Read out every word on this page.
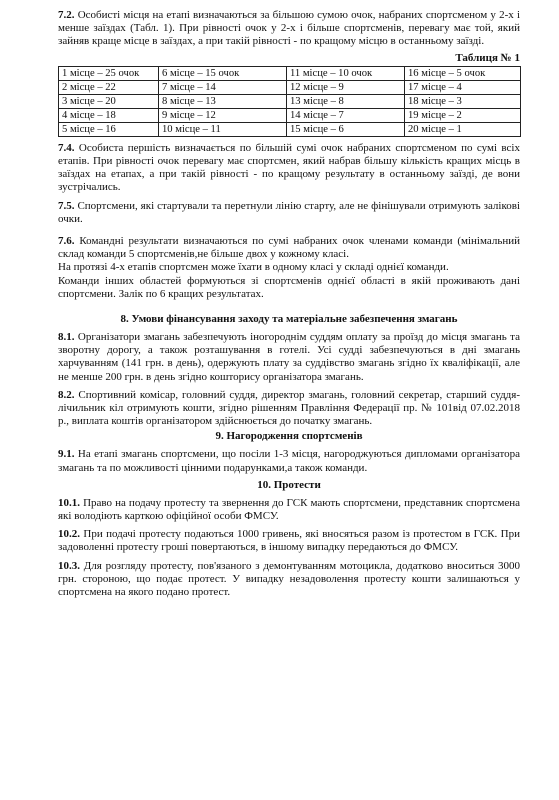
7.2. Особисті місця на етапі визначаються за більшою сумою очок, набраних спортсменом у 2-х і менше заїздах (Табл. 1). При рівності очок у 2-х і більше спортсменів, перевагу має той, який зайняв краще місце в заїздах, а при такій рівності - по кращому місцю в останньому заїзді.

Таблиця № 1
1 місце – 25 очок	6 місце – 15 очок	11 місце – 10 очок	16 місце – 5 очок
2 місце – 22	7 місце – 14	12 місце – 9	17 місце – 4
3 місце – 20	8 місце – 13	13 місце – 8	18 місце – 3
4 місце – 18	9 місце – 12	14 місце – 7	19 місце – 2
5 місце – 16	10 місце – 11	15 місце – 6	20 місце – 1

7.4. Особиста першість визначається по більшій сумі очок набраних спортсменом по сумі всіх етапів. При рівності очок перевагу має спортсмен, який набрав більшу кількість кращих місць в заїздах на етапах, а при такій рівності - по кращому результату в останньому заїзді, де вони зустрічались.

7.5. Спортсмени, які стартували та перетнули лінію старту, але не фінішували отримують залікові очки.

7.6. Командні результати визначаються по сумі набраних очок членами команди (мінімальний склад команди 5 спортсменів,не більше двох у кожному класі.

На протязі 4-х етапів спортсмен може їхати в одному класі у складі однієї команди.

Команди інших областей формуються зі спортсменів однієї області в якій проживають дані спортсмени. Залік по 6 кращих результатах.

8. Умови фінансування заходу та матеріальне забезпечення змагань

8.1. Організатори змагань забезпечують іногороднім суддям оплату за проїзд до місця змагань та зворотну дорогу, а також розташування в готелі. Усі судді забезпечуються в дні змагань харчуванням (141 грн. в день), одержують плату за суддівство змагань згідно їх кваліфікації, але не менше 200 грн. в день згідно кошторису організатора змагань.

8.2. Спортивний комісар, головний суддя, директор змагань, головний секретар, старший суддя-лічильник кіл отримують кошти, згідно рішенням Правління Федерації пр. № 101від 07.02.2018 р., виплата коштів організатором здійснюється до початку змагань.

9. Нагородження спортсменів

9.1. На етапі змагань спортсмени, що посіли 1-3 місця, нагороджуються дипломами організатора змагань та по можливості цінними подарунками,а також команди.

10. Протести

10.1. Право на подачу протесту та звернення до ГСК мають спортсмени, представник спортсмена які володіють карткою офіційної особи ФМСУ.

10.2. При подачі протесту подаються 1000 гривень, які вносяться разом із протестом в ГСК. При задоволенні протесту гроші повертаються, в іншому випадку передаються до ФМСУ.

10.3. Для розгляду протесту, пов'язаного з демонтуванням мотоцикла, додатково вноситься 3000 грн. стороною, що подає протест. У випадку незадоволення протесту кошти залишаються у спортсмена на якого подано протест.
